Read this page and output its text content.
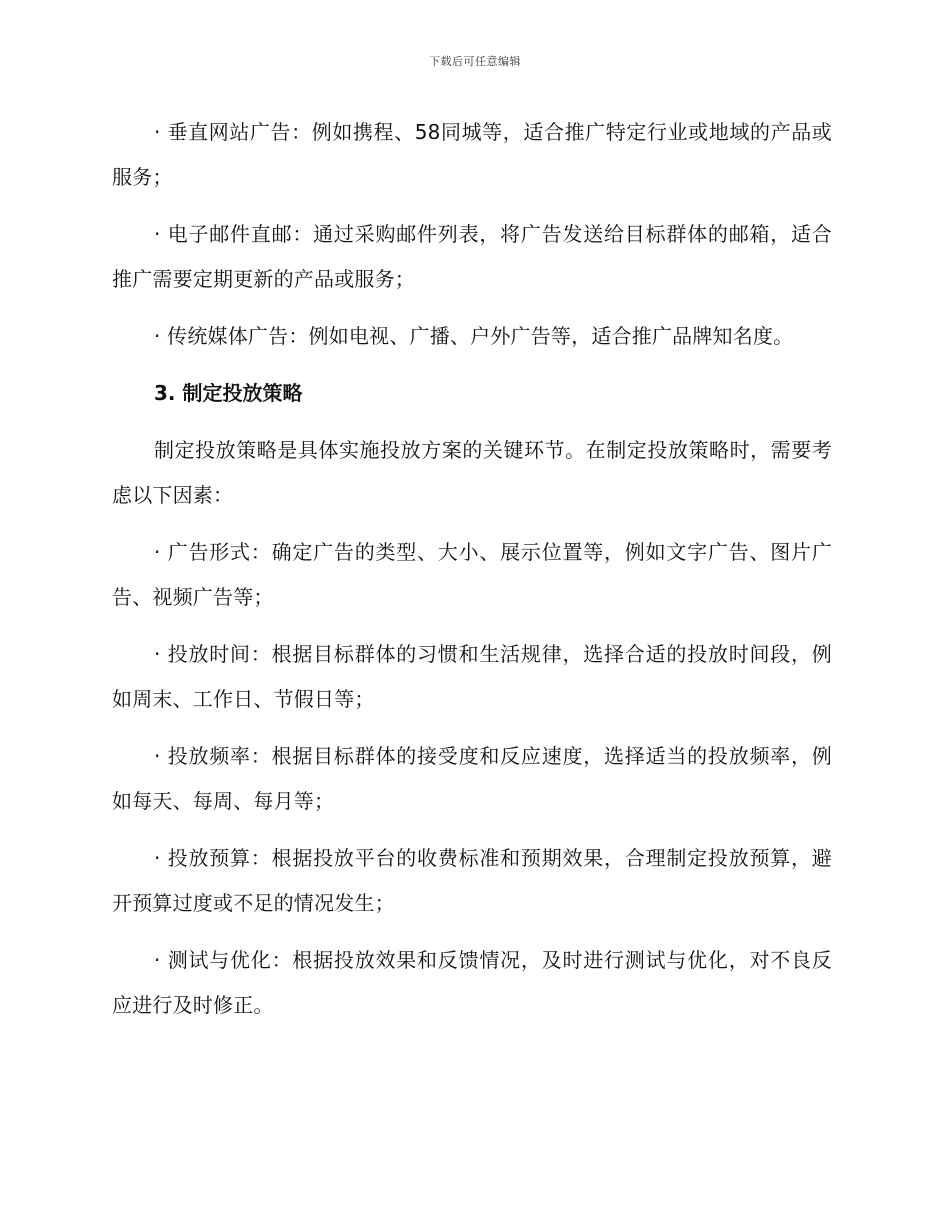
下载后可任意编辑

· 垂直网站广告：例如携程、58同城等，适合推广特定行业或地域的产品或服务；

· 电子邮件直邮：通过采购邮件列表，将广告发送给目标群体的邮箱，适合推广需要定期更新的产品或服务；

· 传统媒体广告：例如电视、广播、户外广告等，适合推广品牌知名度。

3. 制定投放策略

制定投放策略是具体实施投放方案的关键环节。在制定投放策略时，需要考虑以下因素：

· 广告形式：确定广告的类型、大小、展示位置等，例如文字广告、图片广告、视频广告等；

· 投放时间：根据目标群体的习惯和生活规律，选择合适的投放时间段，例如周末、工作日、节假日等；

· 投放频率：根据目标群体的接受度和反应速度，选择适当的投放频率，例如每天、每周、每月等；

· 投放预算：根据投放平台的收费标准和预期效果，合理制定投放预算，避开预算过度或不足的情况发生；

· 测试与优化：根据投放效果和反馈情况，及时进行测试与优化，对不良反应进行及时修正。
